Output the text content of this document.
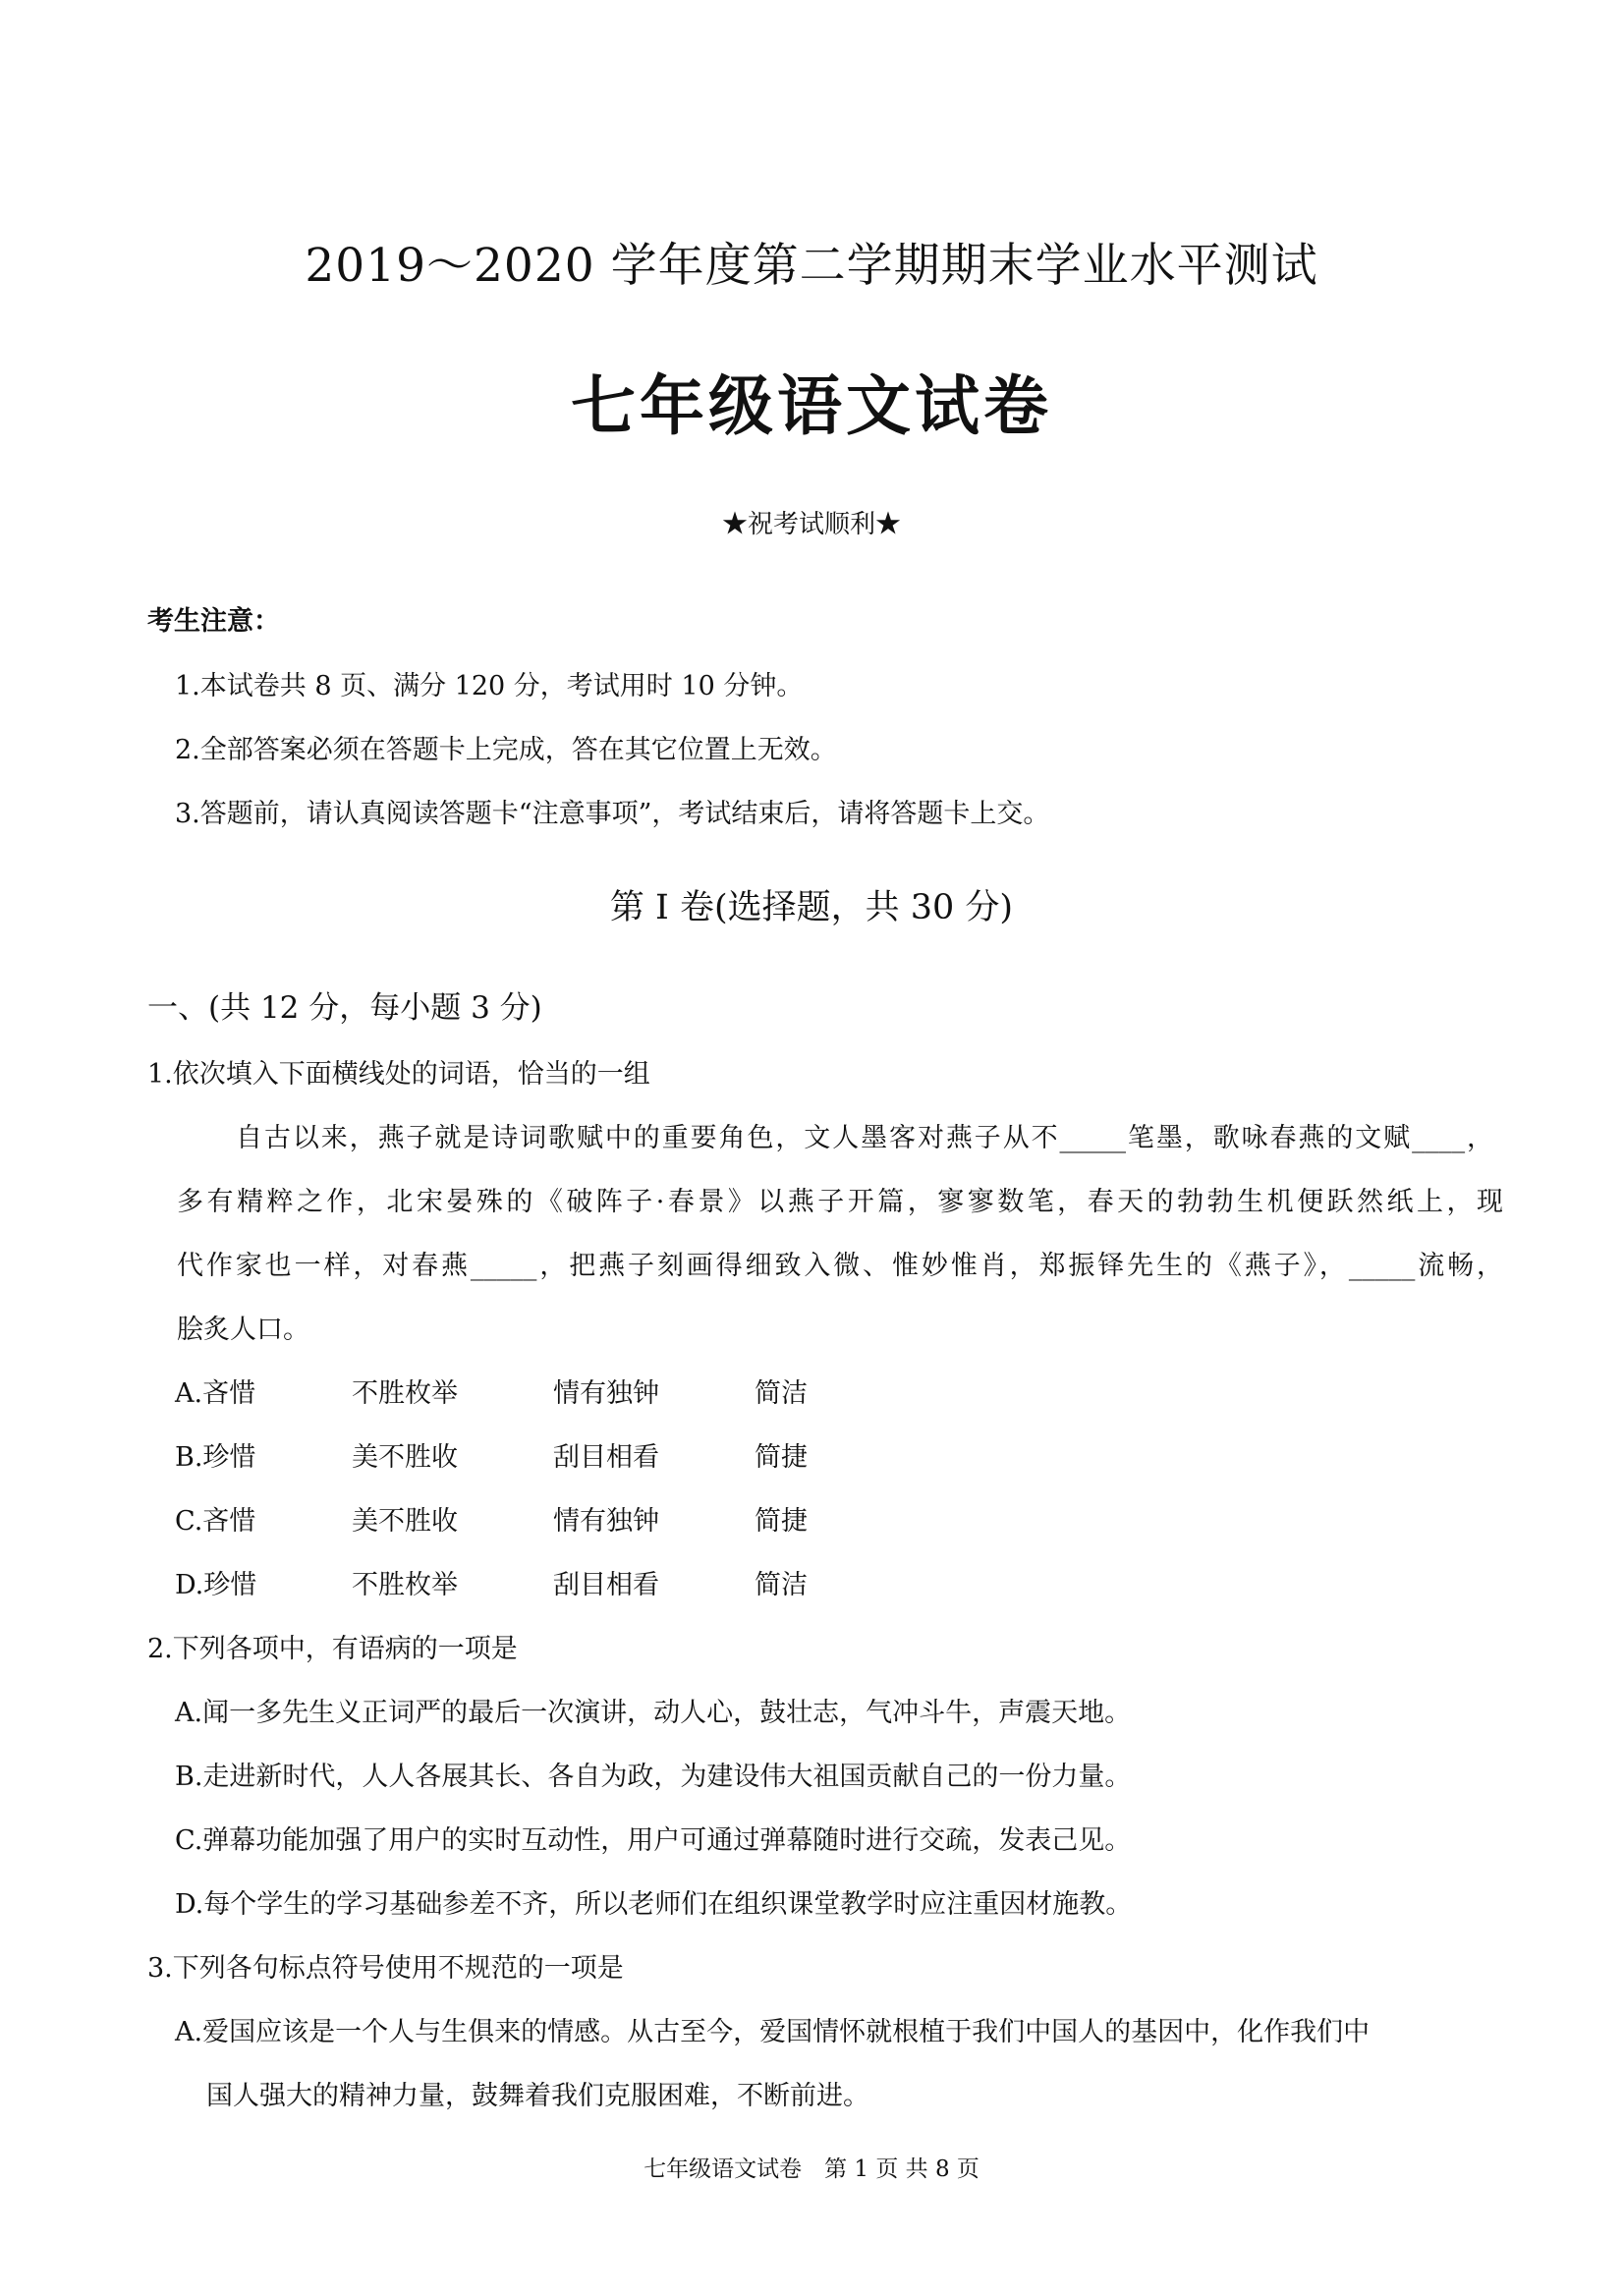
2019～2020 学年度第二学期期末学业水平测试
七年级语文试卷
★祝考试顺利★
考生注意：
1.本试卷共 8 页、满分 120 分，考试用时 10 分钟。
2.全部答案必须在答题卡上完成，答在其它位置上无效。
3.答题前，请认真阅读答题卡“注意事项”，考试结束后，请将答题卡上交。
第 I 卷(选择题，共 30 分)
一、(共 12 分，每小题 3 分)
1.依次填入下面横线处的词语，恰当的一组
自古以来，燕子就是诗词歌赋中的重要角色，文人墨客对燕子从不_____笔墨，歌咏春燕的文赋____，
多有精粹之作，北宋晏殊的《破阵子·春景》以燕子开篇，寥寥数笔，春天的勃勃生机便跃然纸上，现
代作家也一样，对春燕_____，把燕子刻画得细致入微、惟妙惟肖，郑振铎先生的《燕子》，_____流畅，
脍炙人口。
A.吝惜	不胜枚举	情有独钟	简洁
B.珍惜	美不胜收	刮目相看	简捷
C.吝惜	美不胜收	情有独钟	简捷
D.珍惜	不胜枚举	刮目相看	简洁
2.下列各项中，有语病的一项是
A.闻一多先生义正词严的最后一次演讲，动人心，鼓壮志，气冲斗牛，声震天地。
B.走进新时代，人人各展其长、各自为政，为建设伟大祖国贡献自己的一份力量。
C.弹幕功能加强了用户的实时互动性，用户可通过弹幕随时进行交疏，发表己见。
D.每个学生的学习基础参差不齐，所以老师们在组织课堂教学时应注重因材施教。
3.下列各句标点符号使用不规范的一项是
A.爱国应该是一个人与生俱来的情感。从古至今，爱国情怀就根植于我们中国人的基因中，化作我们中
国人强大的精神力量，鼓舞着我们克服困难，不断前进。
七年级语文试卷　第 1 页 共 8 页
